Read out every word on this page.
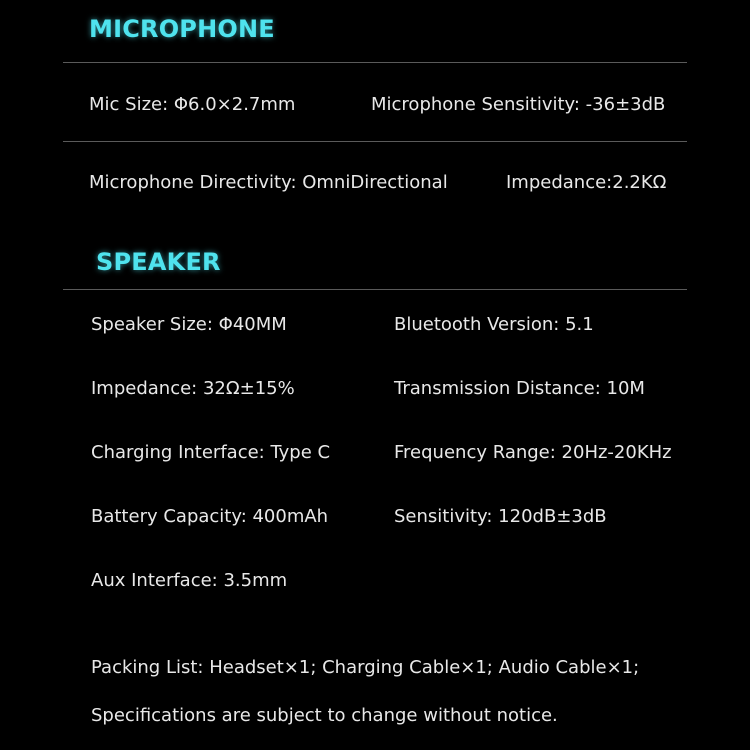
MICROPHONE
Mic Size: Φ6.0×2.7mm	Microphone Sensitivity: -36±3dB
Microphone Directivity: OmniDirectional	Impedance:2.2KΩ
SPEAKER
Speaker Size: Φ40MM	Bluetooth Version: 5.1
Impedance: 32Ω±15%	Transmission Distance: 10M
Charging Interface: Type C	Frequency Range: 20Hz-20KHz
Battery Capacity: 400mAh	Sensitivity: 120dB±3dB
Aux Interface: 3.5mm
Packing List: Headset×1; Charging Cable×1; Audio Cable×1;
Specifications are subject to change without notice.
